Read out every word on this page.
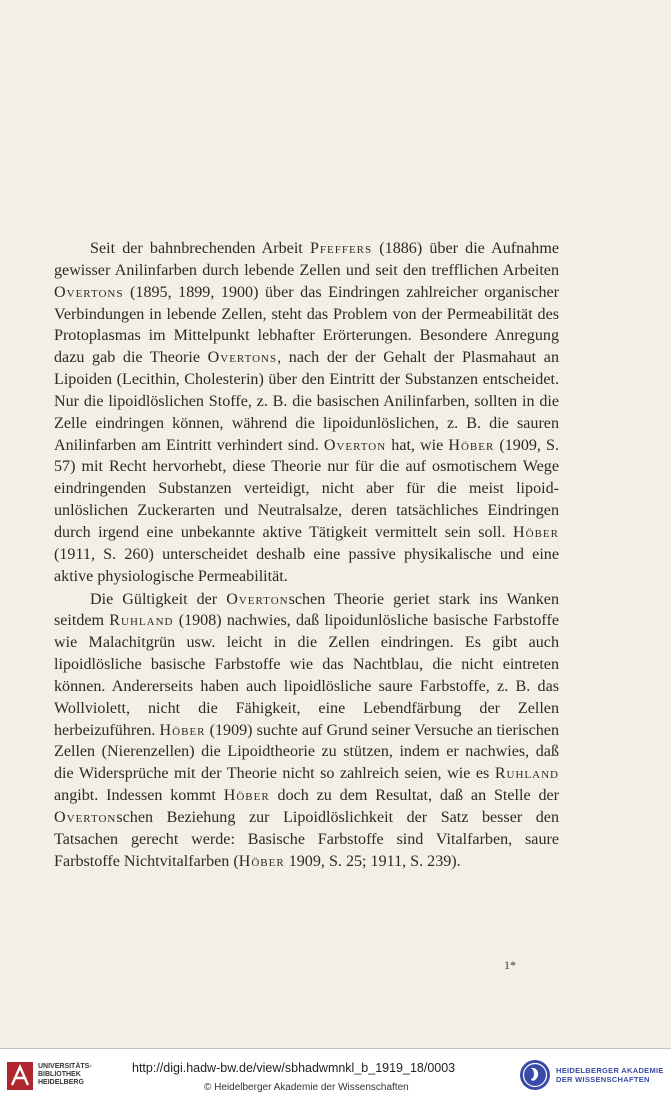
Seit der bahnbrechenden Arbeit Pfeffers (1886) über die Aufnahme gewisser Anilinfarben durch lebende Zellen und seit den trefflichen Arbeiten Overtons (1895, 1899, 1900) über das Eindringen zahlreicher organischer Verbindungen in lebende Zellen, steht das Problem von der Permeabilität des Protoplasmas im Mittelpunkt lebhafter Erörterungen. Besondere Anregung dazu gab die Theorie Overtons, nach der der Gehalt der Plasmahaut an Lipoiden (Lecithin, Cholesterin) über den Eintritt der Substanzen entscheidet. Nur die lipoidlöslichen Stoffe, z. B. die basischen Anilinfarben, sollten in die Zelle eindringen können, während die lipoidunlöslichen, z. B. die sauren Anilinfarben am Eintritt verhindert sind. Overton hat, wie Höber (1909, S. 57) mit Recht hervorhebt, diese Theorie nur für die auf osmotischem Wege eindringenden Substanzen verteidigt, nicht aber für die meist lipoid-unlöslichen Zuckerarten und Neutralsalze, deren tatsächliches Eindringen durch irgend eine unbekannte aktive Tätigkeit vermittelt sein soll. Höber (1911, S. 260) unterscheidet deshalb eine passive physikalische und eine aktive physiologische Permeabilität.

Die Gültigkeit der Overtonschen Theorie geriet stark ins Wanken seitdem Ruhland (1908) nachwies, daß lipoidunlösliche basische Farbstoffe wie Malachitgrün usw. leicht in die Zellen eindringen. Es gibt auch lipoidlösliche basische Farbstoffe wie das Nachtblau, die nicht eintreten können. Andererseits haben auch lipoidlösliche saure Farbstoffe, z. B. das Wollviolett, nicht die Fähigkeit, eine Lebendfärbung der Zellen herbeizuführen. Höber (1909) suchte auf Grund seiner Versuche an tierischen Zellen (Nierenzellen) die Lipoidtheorie zu stützen, indem er nachwies, daß die Widersprüche mit der Theorie nicht so zahlreich seien, wie es Ruhland angibt. Indessen kommt Höber doch zu dem Resultat, daß an Stelle der Overtonschen Beziehung zur Lipoidlöslichkeit der Satz besser den Tatsachen gerecht werde: Basische Farbstoffe sind Vitalfarben, saure Farbstoffe Nichtvitalfarben (Höber 1909, S. 25; 1911, S. 239).

1*
UNIVERSITÄTS-
BIBLIOTHEK
HEIDELBERG
http://digi.hadw-bw.de/view/sbhadwmnkl_b_1919_18/0003
© Heidelberger Akademie der Wissenschaften
HEIDELBERGER AKADEMIE
DER WISSENSCHAFTEN
